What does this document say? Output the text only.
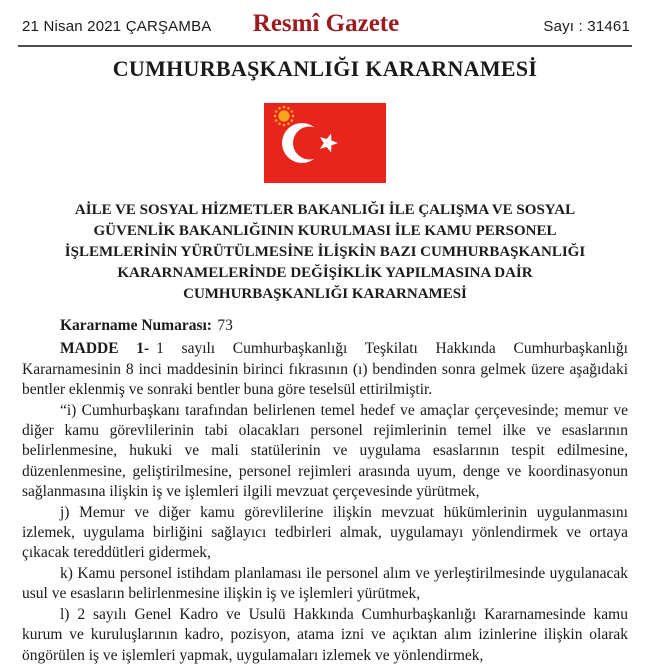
21 Nisan 2021 ÇARŞAMBA	Resmî Gazete	Sayı : 31461
CUMHURBAŞKANLIĞI KARARNAMESİ
AİLE VE SOSYAL HİZMETLER BAKANLIĞI İLE ÇALIŞMA VE SOSYAL
GÜVENLİK BAKANLIĞININ KURULMASI İLE KAMU PERSONEL
İŞLEMLERİNİN YÜRÜTÜLMESİNE İLİŞKİN BAZI CUMHURBAŞKANLIĞI
KARARNAMELERİNDE DEĞİŞİKLİK YAPILMASINA DAİR
CUMHURBAŞKANLIĞI KARARNAMESİ

Kararname Numarası: 73

MADDE 1- 1 sayılı Cumhurbaşkanlığı Teşkilatı Hakkında Cumhurbaşkanlığı Kararnamesinin 8 inci maddesinin birinci fıkrasının (ı) bendinden sonra gelmek üzere aşağıdaki bentler eklenmiş ve sonraki bentler buna göre teselsül ettirilmiştir.

“i) Cumhurbaşkanı tarafından belirlenen temel hedef ve amaçlar çerçevesinde; memur ve diğer kamu görevlilerinin tabi olacakları personel rejimlerinin temel ilke ve esaslarının belirlenmesine, hukuki ve mali statülerinin ve uygulama esaslarının tespit edilmesine, düzenlenmesine, geliştirilmesine, personel rejimleri arasında uyum, denge ve koordinasyonun sağlanmasına ilişkin iş ve işlemleri ilgili mevzuat çerçevesinde yürütmek,

j) Memur ve diğer kamu görevlilerine ilişkin mevzuat hükümlerinin uygulanmasını izlemek, uygulama birliğini sağlayıcı tedbirleri almak, uygulamayı yönlendirmek ve ortaya çıkacak tereddütleri gidermek,

k) Kamu personel istihdam planlaması ile personel alım ve yerleştirilmesinde uygulanacak usul ve esasların belirlenmesine ilişkin iş ve işlemleri yürütmek,

l) 2 sayılı Genel Kadro ve Usulü Hakkında Cumhurbaşkanlığı Kararnamesinde kamu kurum ve kuruluşlarının kadro, pozisyon, atama izni ve açıktan alım izinlerine ilişkin olarak öngörülen iş ve işlemleri yapmak, uygulamaları izlemek ve yönlendirmek,
